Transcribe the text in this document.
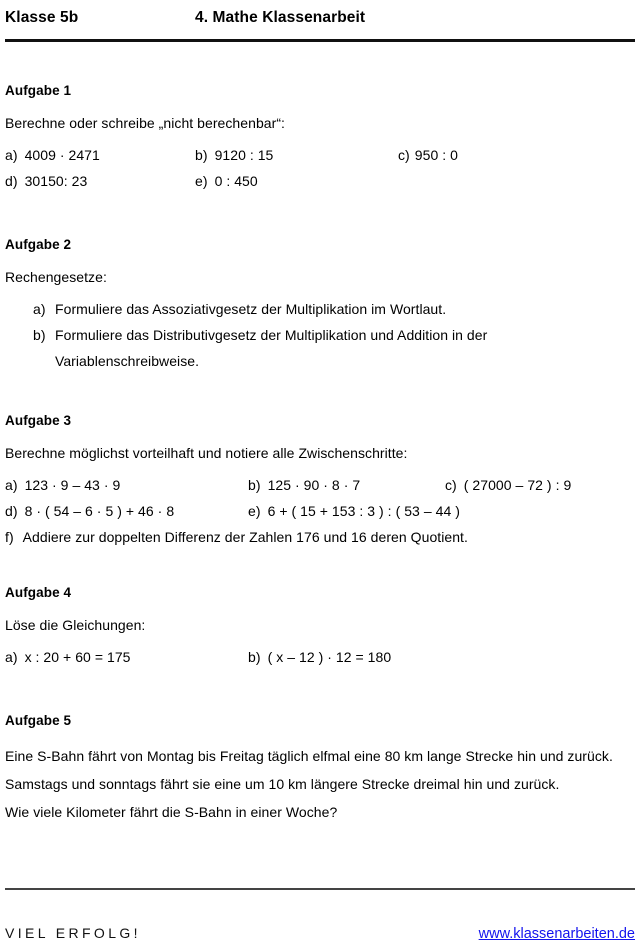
Klasse 5b	4. Mathe Klassenarbeit
Aufgabe 1
Berechne oder schreibe „nicht berechenbar“:
a) 4009 · 2471	b) 9120 : 15	c) 950 : 0
d) 30150: 23	e) 0 : 450
Aufgabe 2
Rechengesetze:
a) Formuliere das Assoziativgesetz der Multiplikation im Wortlaut.
b) Formuliere das Distributivgesetz der Multiplikation und Addition in der Variablenschreibweise.
Aufgabe 3
Berechne möglichst vorteilhaft und notiere alle Zwischenschritte:
a) 123 · 9 – 43 · 9	b) 125 · 90 · 8 · 7	c) ( 27000 – 72 ) : 9
d) 8 · ( 54 – 6 · 5 ) + 46 · 8	e) 6 + ( 15 + 153 : 3 ) : ( 53 – 44 )
f) Addiere zur doppelten Differenz der Zahlen 176 und 16 deren Quotient.
Aufgabe 4
Löse die Gleichungen:
a) x : 20 + 60 = 175	b) ( x – 12 ) · 12 = 180
Aufgabe 5
Eine S-Bahn fährt von Montag bis Freitag täglich elfmal eine 80 km lange Strecke hin und zurück. Samstags und sonntags fährt sie eine um 10 km längere Strecke dreimal hin und zurück.
Wie viele Kilometer fährt die S-Bahn in einer Woche?
VIEL ERFOLG!	www.klassenarbeiten.de
